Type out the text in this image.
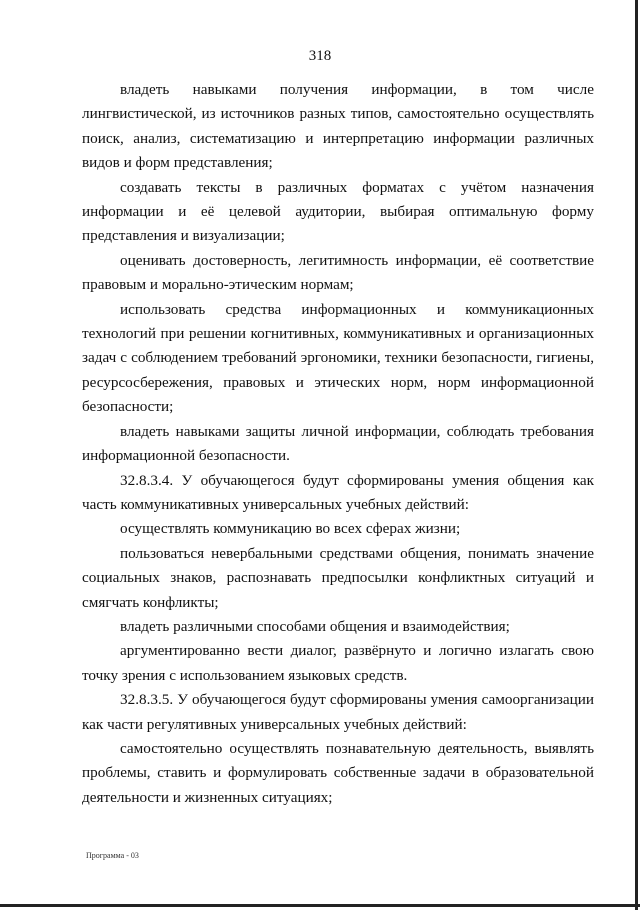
318

владеть навыками получения информации, в том числе лингвистической, из источников разных типов, самостоятельно осуществлять поиск, анализ, систематизацию и интерпретацию информации различных видов и форм представления;

создавать тексты в различных форматах с учётом назначения информации и её целевой аудитории, выбирая оптимальную форму представления и визуализации;

оценивать достоверность, легитимность информации, её соответствие правовым и морально-этическим нормам;

использовать средства информационных и коммуникационных технологий при решении когнитивных, коммуникативных и организационных задач с соблюдением требований эргономики, техники безопасности, гигиены, ресурсосбережения, правовых и этических норм, норм информационной безопасности;

владеть навыками защиты личной информации, соблюдать требования информационной безопасности.

32.8.3.4. У обучающегося будут сформированы умения общения как часть коммуникативных универсальных учебных действий:

осуществлять коммуникацию во всех сферах жизни;

пользоваться невербальными средствами общения, понимать значение социальных знаков, распознавать предпосылки конфликтных ситуаций и смягчать конфликты;

владеть различными способами общения и взаимодействия;

аргументированно вести диалог, развёрнуто и логично излагать свою точку зрения с использованием языковых средств.

32.8.3.5. У обучающегося будут сформированы умения самоорганизации как части регулятивных универсальных учебных действий:

самостоятельно осуществлять познавательную деятельность, выявлять проблемы, ставить и формулировать собственные задачи в образовательной деятельности и жизненных ситуациях;

Программа - 03
